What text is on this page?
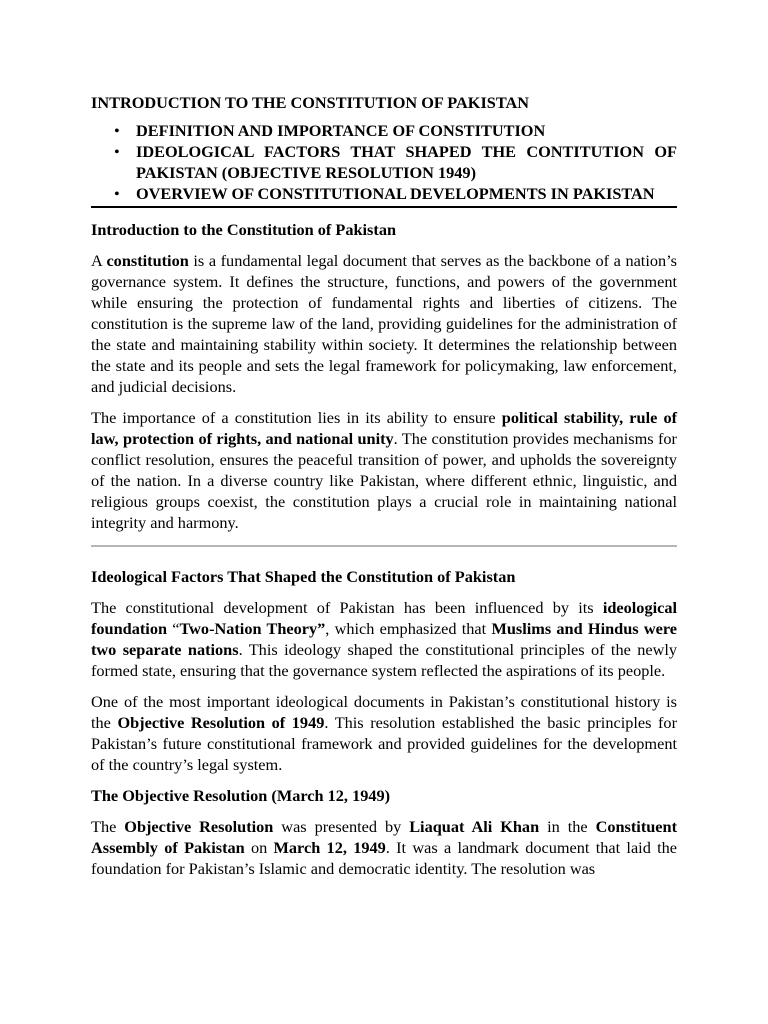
INTRODUCTION TO THE CONSTITUTION OF PAKISTAN
• DEFINITION AND IMPORTANCE OF CONSTITUTION
• IDEOLOGICAL FACTORS THAT SHAPED THE CONTITUTION OF PAKISTAN (OBJECTIVE RESOLUTION 1949)
• OVERVIEW OF CONSTITUTIONAL DEVELOPMENTS IN PAKISTAN
Introduction to the Constitution of Pakistan

A constitution is a fundamental legal document that serves as the backbone of a nation’s governance system. It defines the structure, functions, and powers of the government while ensuring the protection of fundamental rights and liberties of citizens. The constitution is the supreme law of the land, providing guidelines for the administration of the state and maintaining stability within society. It determines the relationship between the state and its people and sets the legal framework for policymaking, law enforcement, and judicial decisions.

The importance of a constitution lies in its ability to ensure political stability, rule of law, protection of rights, and national unity. The constitution provides mechanisms for conflict resolution, ensures the peaceful transition of power, and upholds the sovereignty of the nation. In a diverse country like Pakistan, where different ethnic, linguistic, and religious groups coexist, the constitution plays a crucial role in maintaining national integrity and harmony.

Ideological Factors That Shaped the Constitution of Pakistan

The constitutional development of Pakistan has been influenced by its ideological foundation “Two-Nation Theory”, which emphasized that Muslims and Hindus were two separate nations. This ideology shaped the constitutional principles of the newly formed state, ensuring that the governance system reflected the aspirations of its people.

One of the most important ideological documents in Pakistan’s constitutional history is the Objective Resolution of 1949. This resolution established the basic principles for Pakistan’s future constitutional framework and provided guidelines for the development of the country’s legal system.

The Objective Resolution (March 12, 1949)

The Objective Resolution was presented by Liaquat Ali Khan in the Constituent Assembly of Pakistan on March 12, 1949. It was a landmark document that laid the foundation for Pakistan’s Islamic and democratic identity. The resolution was
